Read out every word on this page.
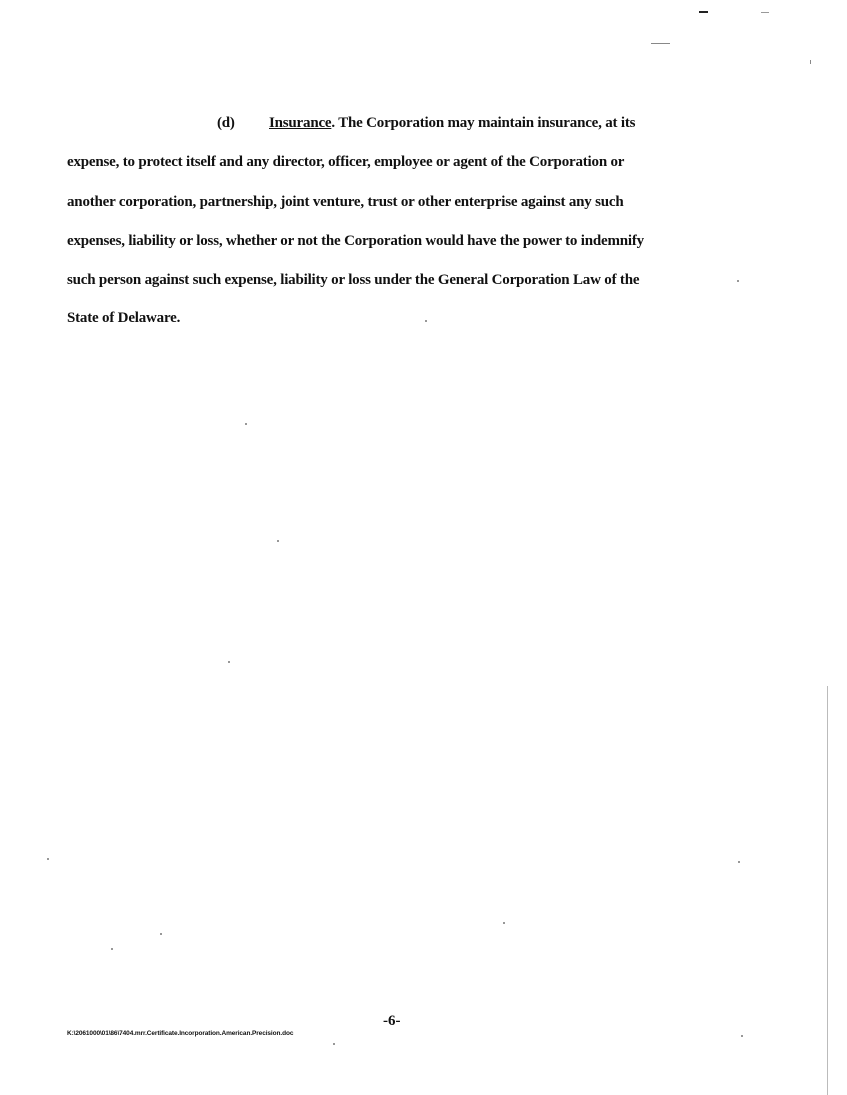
(d) Insurance. The Corporation may maintain insurance, at its
expense, to protect itself and any director, officer, employee or agent of the Corporation or
another corporation, partnership, joint venture, trust or other enterprise against any such
expenses, liability or loss, whether or not the Corporation would have the power to indemnify
such person against such expense, liability or loss under the General Corporation Law of the
State of Delaware.
-6-
K:\2061000\01\86\7404.mrr.Certificate.Incorporation.American.Precision.doc
